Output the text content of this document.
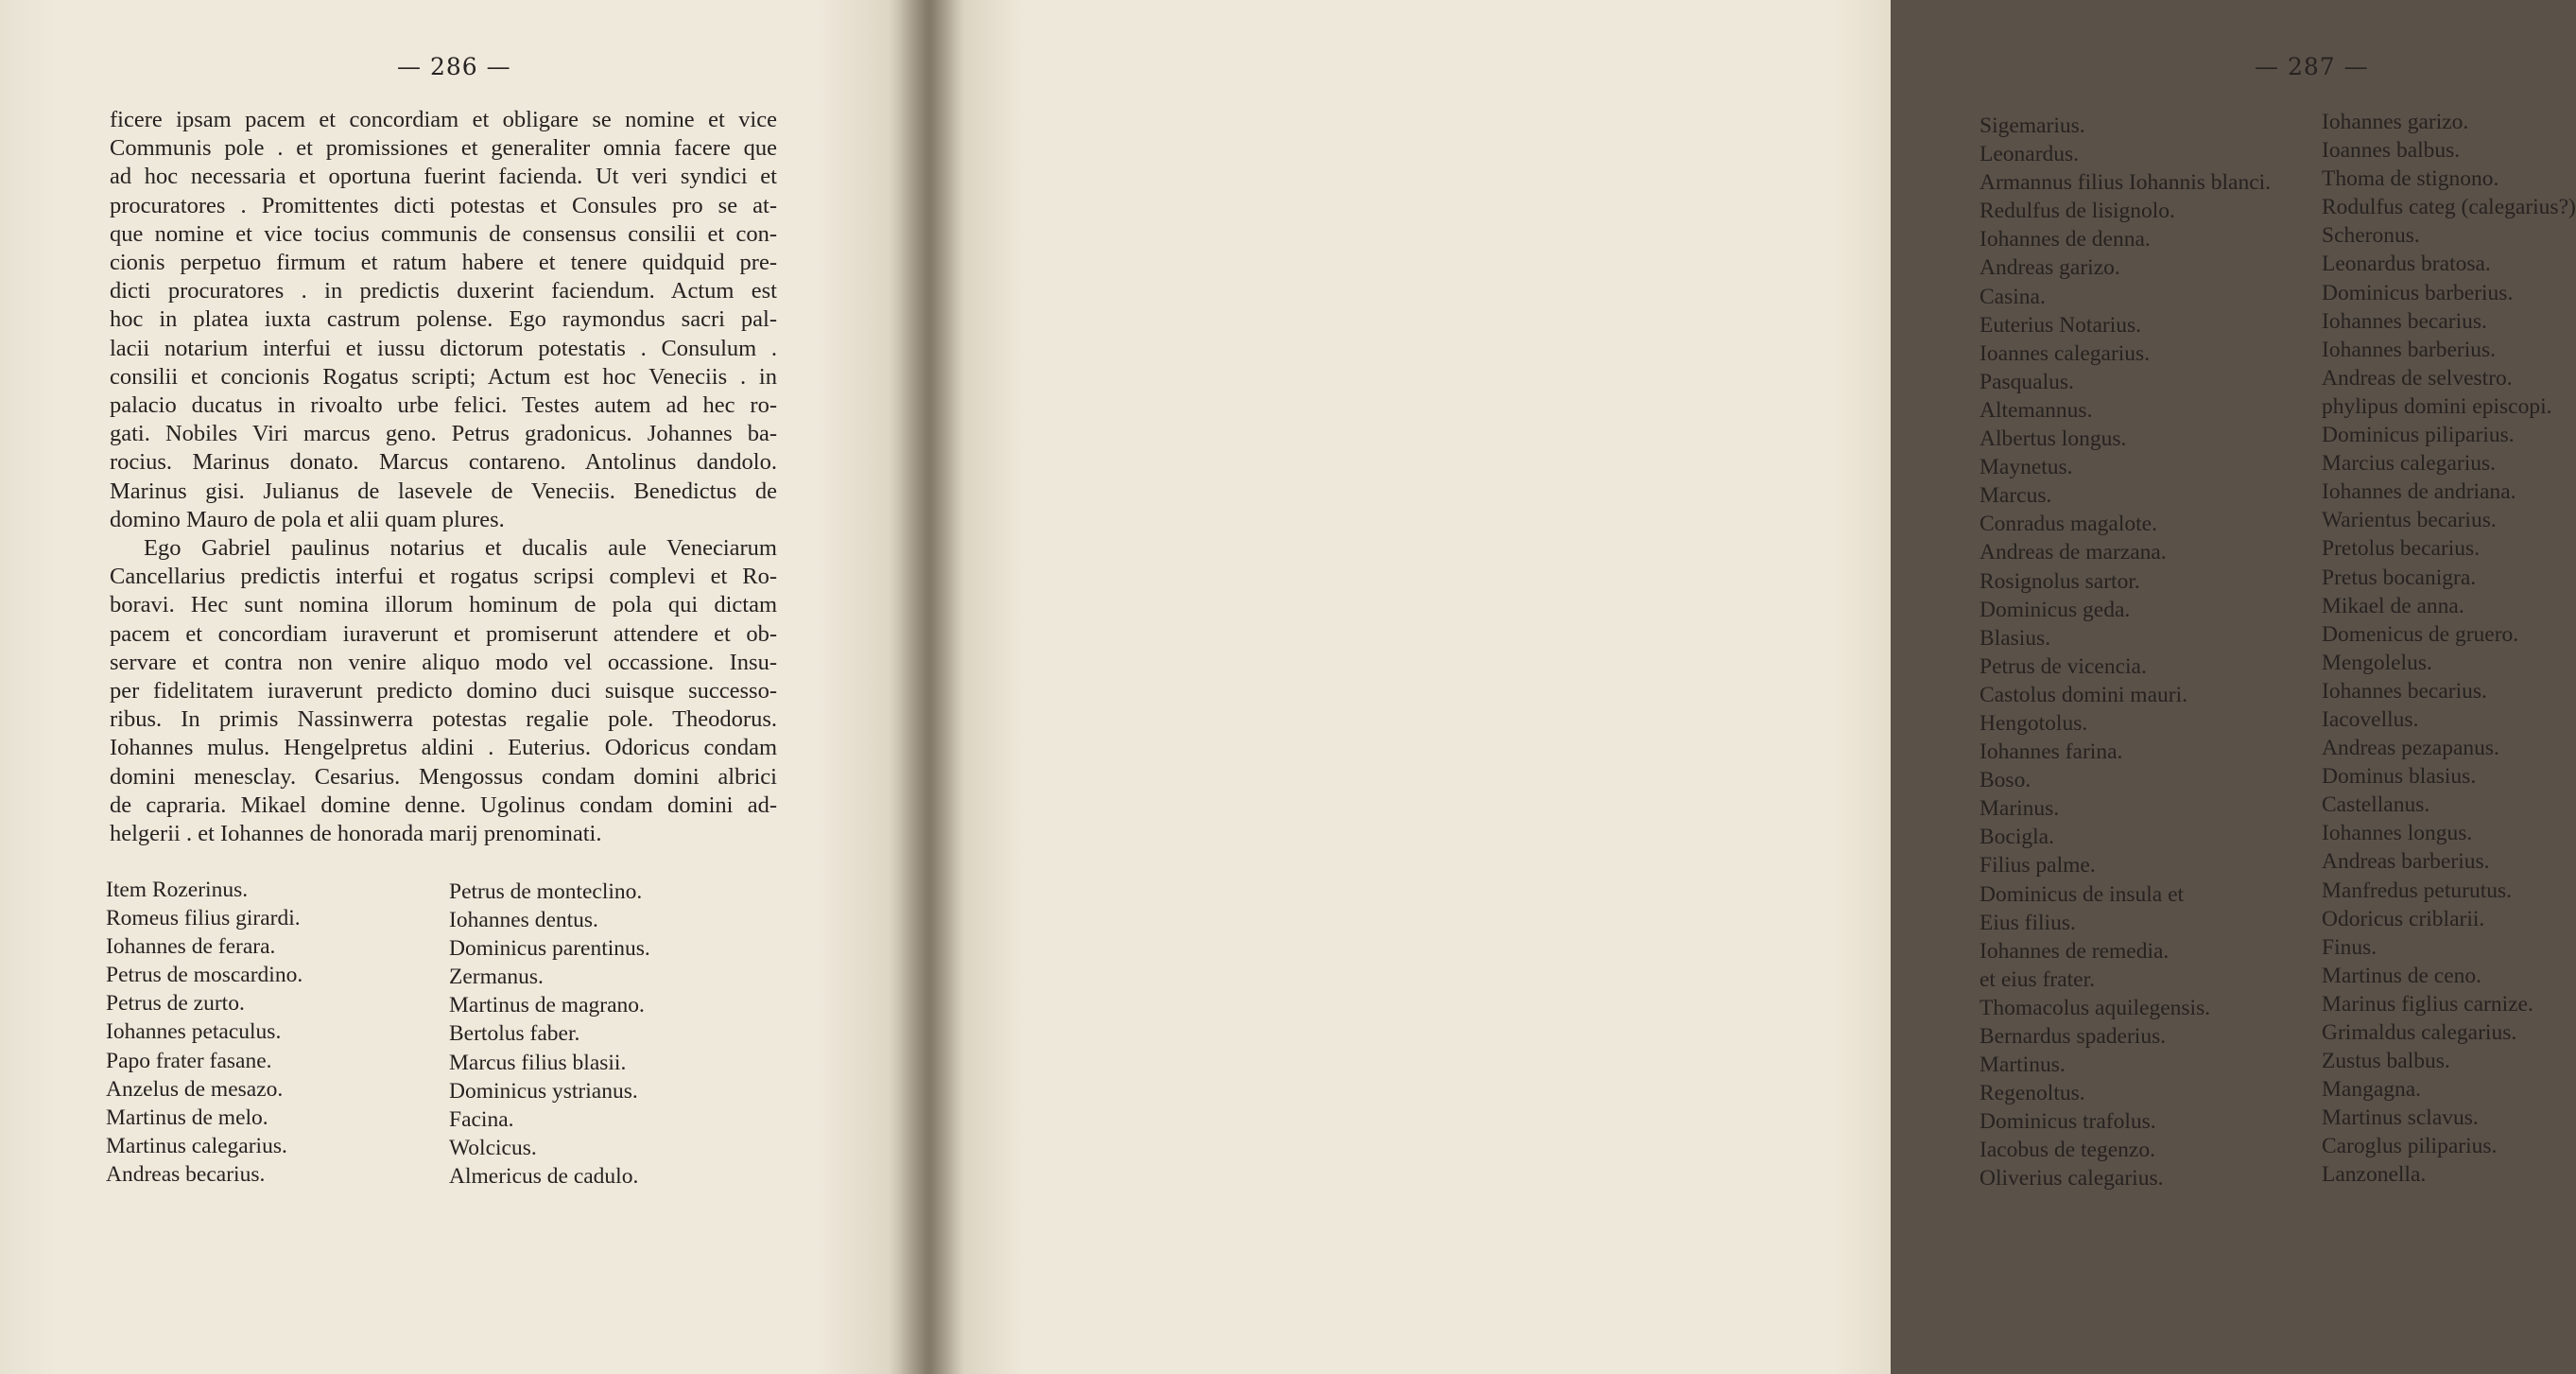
— 286 —
ficere ipsam pacem et concordiam et obligare se nomine et vice
Communis pole . et promissiones et generaliter omnia facere que
ad hoc necessaria et oportuna fuerint facienda. Ut veri syndici et
procuratores . Promittentes dicti potestas et Consules pro se at-
que nomine et vice tocius communis de consensus consilii et con-
cionis perpetuo firmum et ratum habere et tenere quidquid pre-
dicti procuratores . in predictis duxerint faciendum. Actum est
hoc in platea iuxta castrum polense. Ego raymondus sacri pal-
lacii notarium interfui et iussu dictorum potestatis . Consulum .
consilii et concionis Rogatus scripti; Actum est hoc Veneciis . in
palacio ducatus in rivoalto urbe felici. Testes autem ad hec ro-
gati. Nobiles Viri marcus geno. Petrus gradonicus. Johannes ba-
rocius. Marinus donato. Marcus contareno. Antolinus dandolo.
Marinus gisi. Julianus de lasevele de Veneciis. Benedictus de
domino Mauro de pola et alii quam plures.
Ego Gabriel paulinus notarius et ducalis aule Veneciarum
Cancellarius predictis interfui et rogatus scripsi complevi et Ro-
boravi. Hec sunt nomina illorum hominum de pola qui dictam
pacem et concordiam iuraverunt et promiserunt attendere et ob-
servare et contra non venire aliquo modo vel occassione. Insu-
per fidelitatem iuraverunt predicto domino duci suisque successo-
ribus. In primis Nassinwerra potestas regalie pole. Theodorus.
Iohannes mulus. Hengelpretus aldini . Euterius. Odoricus condam
domini menesclay. Cesarius. Mengossus condam domini albrici
de capraria. Mikael domine denne. Ugolinus condam domini ad-
helgerii . et Iohannes de honorada marij prenominati.
Item Rozerinus.
Romeus filius girardi.
Iohannes de ferara.
Petrus de moscardino.
Petrus de zurto.
Iohannes petaculus.
Papo frater fasane.
Anzelus de mesazo.
Martinus de melo.
Martinus calegarius.
Andreas becarius.
Petrus de monteclino.
Iohannes dentus.
Dominicus parentinus.
Zermanus.
Martinus de magrano.
Bertolus faber.
Marcus filius blasii.
Dominicus ystrianus.
Facina.
Wolcicus.
Almericus de cadulo.
— 287 —
Sigemarius.
Leonardus.
Armannus filius Iohannis blanci.
Redulfus de lisignolo.
Iohannes de denna.
Andreas garizo.
Casina.
Euterius Notarius.
Ioannes calegarius.
Pasqualus.
Altemannus.
Albertus longus.
Maynetus.
Marcus.
Conradus magalote.
Andreas de marzana.
Rosignolus sartor.
Dominicus geda.
Blasius.
Petrus de vicencia.
Castolus domini mauri.
Hengotolus.
Iohannes farina.
Boso.
Marinus.
Bocigla.
Filius palme.
Dominicus de insula et
Eius filius.
Iohannes de remedia.
et eius frater.
Thomacolus aquilegensis.
Bernardus spaderius.
Martinus.
Regenoltus.
Dominicus trafolus.
Iacobus de tegenzo.
Oliverius calegarius.
Iohannes garizo.
Ioannes balbus.
Thoma de stignono.
Rodulfus categ (calegarius?)
Scheronus.
Leonardus bratosa.
Dominicus barberius.
Iohannes becarius.
Iohannes barberius.
Andreas de selvestro.
phylipus domini episcopi.
Dominicus piliparius.
Marcius calegarius.
Iohannes de andriana.
Warientus becarius.
Pretolus becarius.
Pretus bocanigra.
Mikael de anna.
Domenicus de gruero.
Mengolelus.
Iohannes becarius.
Iacovellus.
Andreas pezapanus.
Dominus blasius.
Castellanus.
Iohannes longus.
Andreas barberius.
Manfredus peturutus.
Odoricus criblarii.
Finus.
Martinus de ceno.
Marinus figlius carnize.
Grimaldus calegarius.
Zustus balbus.
Mangagna.
Martinus sclavus.
Caroglus piliparius.
Lanzonella.
